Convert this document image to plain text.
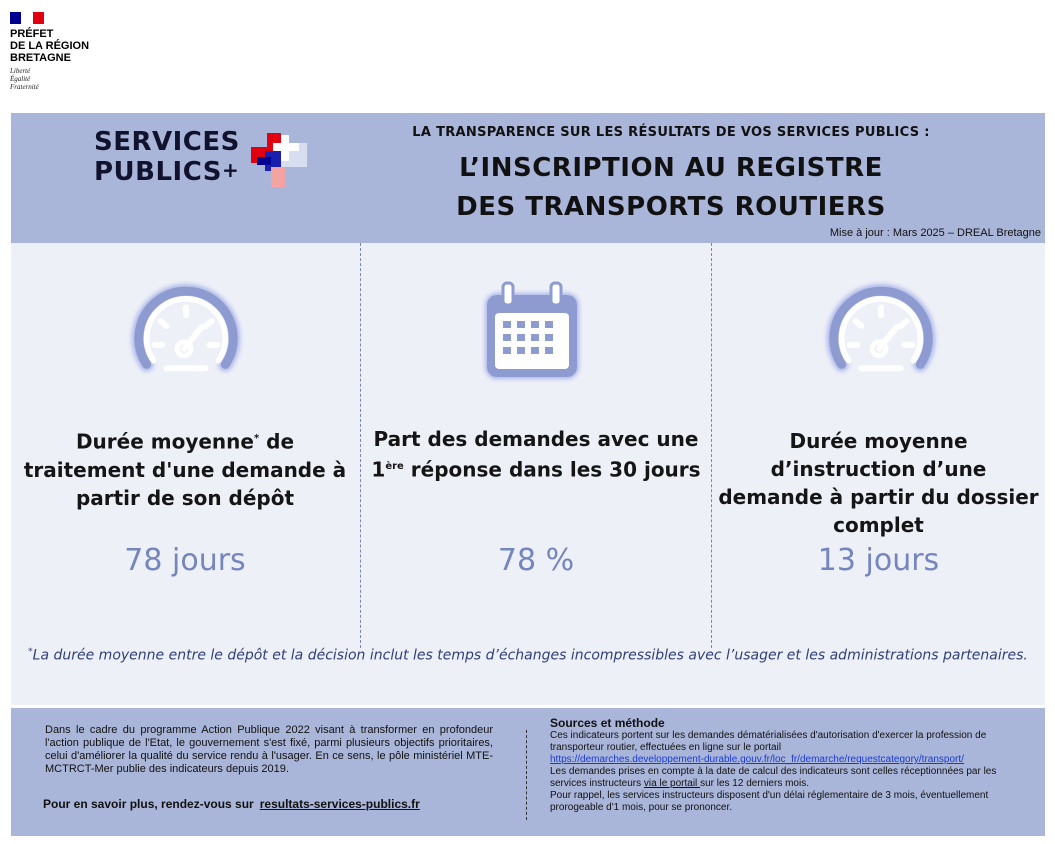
PRÉFET
DE LA RÉGION
BRETAGNE
Liberté
Égalité
Fraternité
SERVICES
PUBLICS+
LA TRANSPARENCE SUR LES RÉSULTATS DE VOS SERVICES PUBLICS :
L’INSCRIPTION AU REGISTRE
DES TRANSPORTS ROUTIERS
Mise à jour : Mars 2025 – DREAL Bretagne
Durée moyenne* de traitement d'une demande à partir de son dépôt
78 jours
Part des demandes avec une 1ère réponse dans les 30 jours
78 %
Durée moyenne d’instruction d’une demande à partir du dossier complet
13 jours
*La durée moyenne entre le dépôt et la décision inclut les temps d’échanges incompressibles avec l’usager et les administrations partenaires.
Dans le cadre du programme Action Publique 2022 visant à transformer en profondeur l'action publique de l'Etat, le gouvernement s'est fixé, parmi plusieurs objectifs prioritaires, celui d'améliorer la qualité du service rendu à l'usager. En ce sens, le pôle ministériel MTE-MCTRCT-Mer publie des indicateurs depuis 2019.
Pour en savoir plus, rendez-vous sur resultats-services-publics.fr
Sources et méthode
Ces indicateurs portent sur les demandes dématérialisées d'autorisation d'exercer la profession de transporteur routier, effectuées en ligne sur le portail
https://demarches.developpement-durable.gouv.fr/loc_fr/demarche/requestcategory/transport/
Les demandes prises en compte à la date de calcul des indicateurs sont celles réceptionnées par les services instructeurs via le portail sur les 12 derniers mois.
Pour rappel, les services instructeurs disposent d'un délai réglementaire de 3 mois, éventuellement prorogeable d'1 mois, pour se prononcer.
